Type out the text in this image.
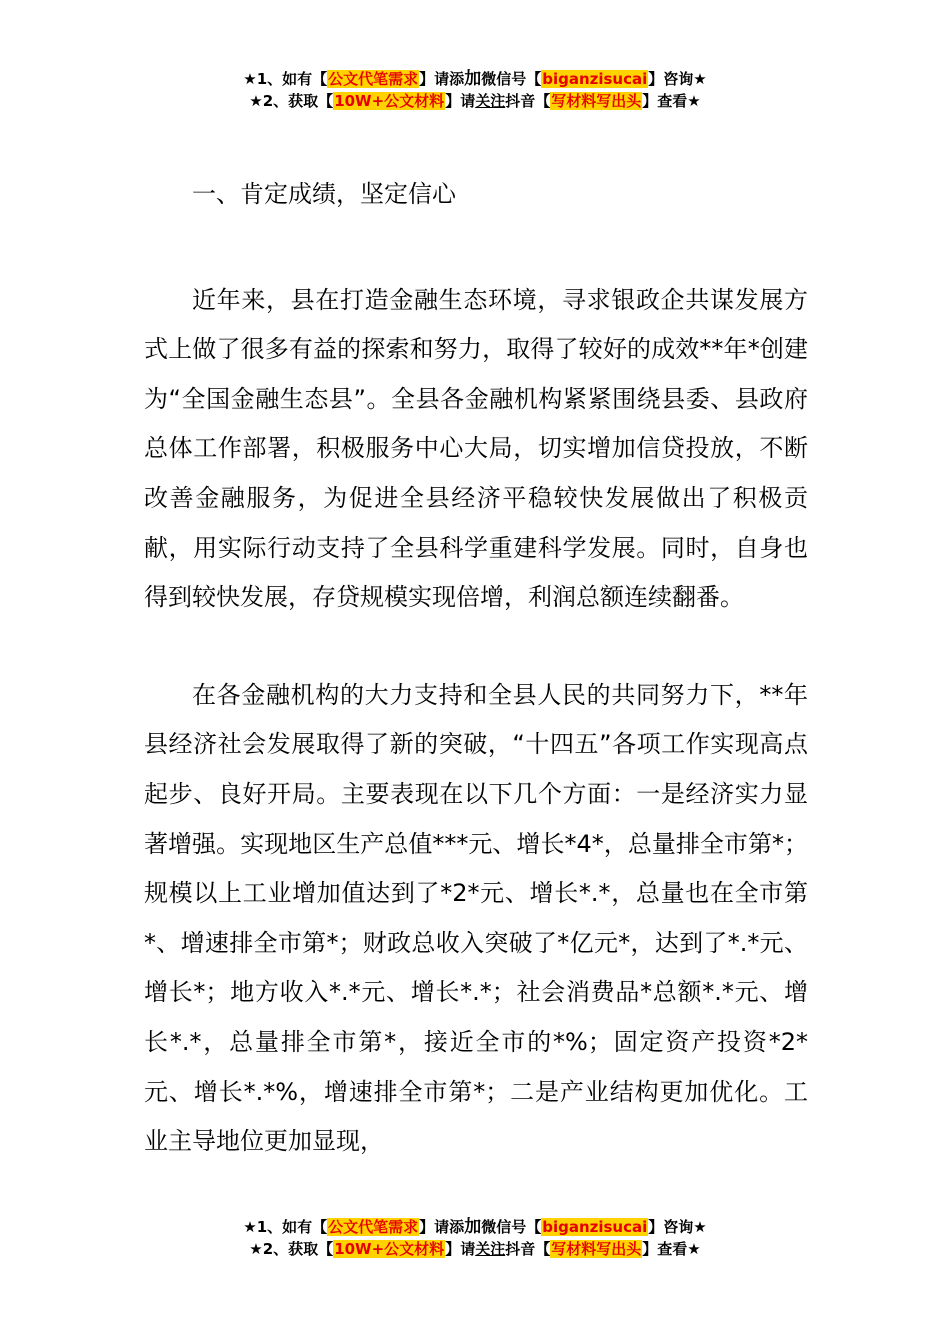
★1、如有【公文代笔需求】请添加微信号【biganzisucai】咨询★
★2、获取【10W+公文材料】请关注抖音【写材料写出头】查看★

一、肯定成绩，坚定信心

近年来，县在打造金融生态环境，寻求银政企共谋发展方式上做了很多有益的探索和努力，取得了较好的成效**年*创建为“全国金融生态县”。全县各金融机构紧紧围绕县委、县政府总体工作部署，积极服务中心大局，切实增加信贷投放，不断改善金融服务，为促进全县经济平稳较快发展做出了积极贡献，用实际行动支持了全县科学重建科学发展。同时，自身也得到较快发展，存贷规模实现倍增，利润总额连续翻番。

在各金融机构的大力支持和全县人民的共同努力下，**年县经济社会发展取得了新的突破，“十四五”各项工作实现高点起步、良好开局。主要表现在以下几个方面：一是经济实力显著增强。实现地区生产总值***元、增长*4*，总量排全市第*；规模以上工业增加值达到了*2*元、增长*.*，总量也在全市第*、增速排全市第*；财政总收入突破了*亿元*，达到了*.*元、增长*；地方收入*.*元、增长*.*；社会消费品*总额*.*元、增长*.*，总量排全市第*，接近全市的*%；固定资产投资*2*元、增长*.*%，增速排全市第*；二是产业结构更加优化。工业主导地位更加显现，

★1、如有【公文代笔需求】请添加微信号【biganzisucai】咨询★
★2、获取【10W+公文材料】请关注抖音【写材料写出头】查看★
